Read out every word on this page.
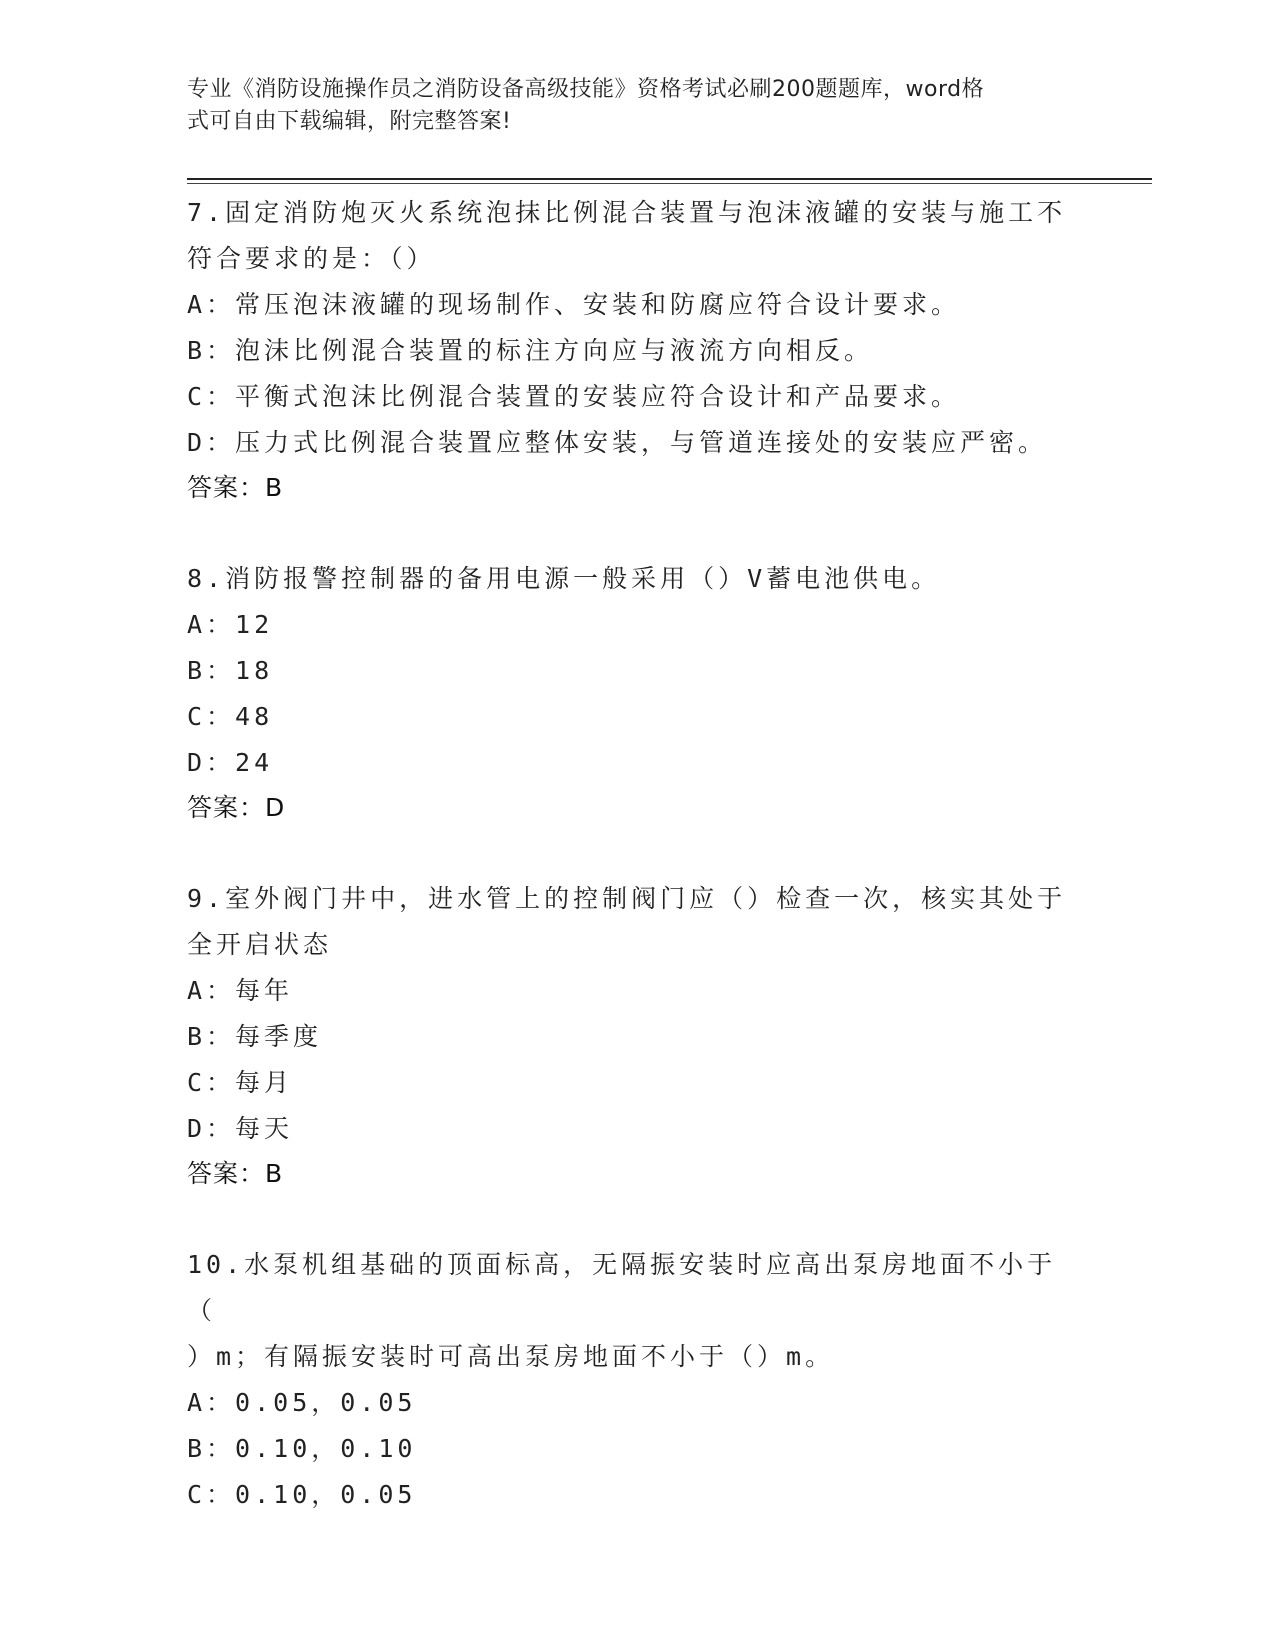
专业《消防设施操作员之消防设备高级技能》资格考试必刷200题题库，word格
式可自由下载编辑，附完整答案!

7.固定消防炮灭火系统泡抹比例混合装置与泡沫液罐的安装与施工不

符合要求的是：（）

A：常压泡沫液罐的现场制作、安装和防腐应符合设计要求。

B：泡沫比例混合装置的标注方向应与液流方向相反。

C：平衡式泡沫比例混合装置的安装应符合设计和产品要求。

D：压力式比例混合装置应整体安装，与管道连接处的安装应严密。

答案：B

8.消防报警控制器的备用电源一般采用（）V蓄电池供电。

A：12

B：18

C：48

D：24

答案：D

9.室外阀门井中，进水管上的控制阀门应（）检查一次，核实其处于

全开启状态

A：每年

B：每季度

C：每月

D：每天

答案：B

10.水泵机组基础的顶面标高，无隔振安装时应高出泵房地面不小于（

）m；有隔振安装时可高出泵房地面不小于（）m。

A：0.05，0.05

B：0.10，0.10

C：0.10，0.05
